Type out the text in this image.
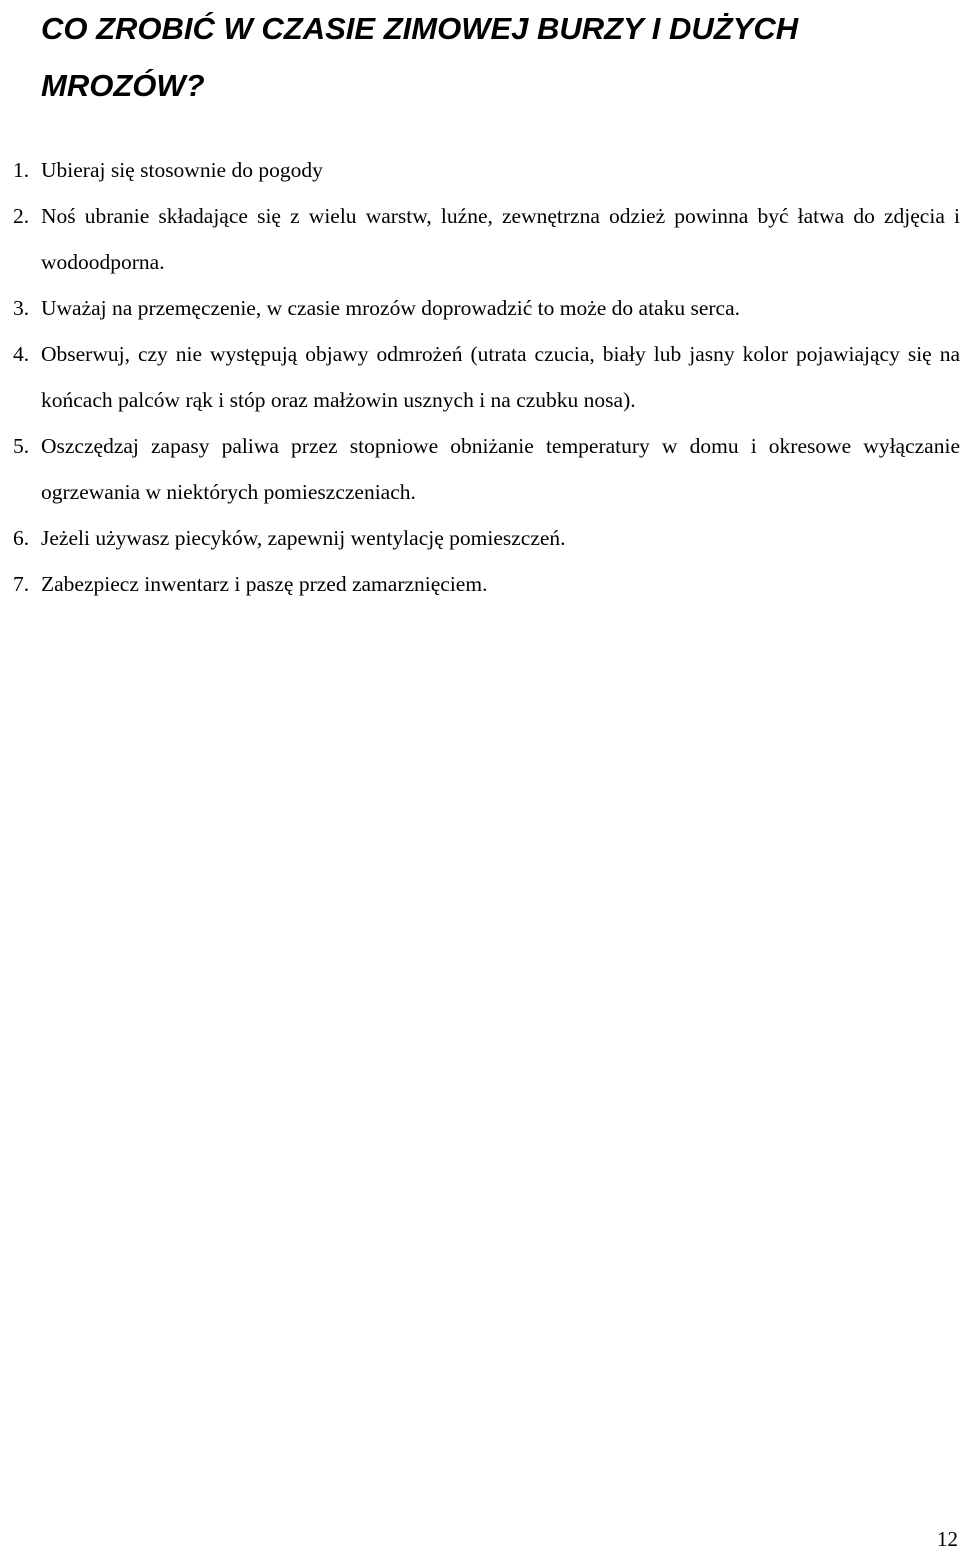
CO ZROBIĆ W CZASIE ZIMOWEJ BURZY I DUŻYCH MROZÓW?
1. Ubieraj się stosownie do pogody
2. Noś ubranie składające się z wielu warstw, luźne, zewnętrzna odzież powinna być łatwa do zdjęcia i wodoodporna.
3. Uważaj na przemęczenie, w czasie mrozów doprowadzić to może do ataku serca.
4. Obserwuj, czy nie występują objawy odmrożeń (utrata czucia, biały lub jasny kolor pojawiający się na końcach palców rąk i stóp oraz małżowin usznych i na czubku nosa).
5. Oszczędzaj zapasy paliwa przez stopniowe obniżanie temperatury w domu i okresowe wyłączanie ogrzewania w niektórych pomieszczeniach.
6. Jeżeli używasz piecyków, zapewnij wentylację pomieszczeń.
7. Zabezpiecz inwentarz i paszę przed zamarznięciem.
12
